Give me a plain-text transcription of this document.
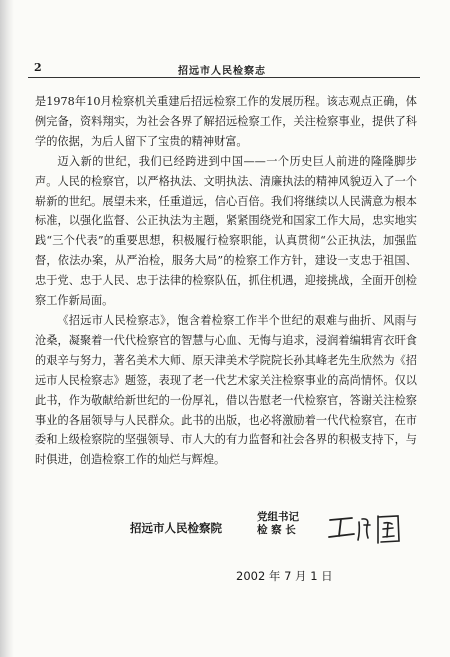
2	招远市人民检察志

是1978年10月检察机关重建后招远检察工作的发展历程。该志观点正确，体例完备，资料翔实，为社会各界了解招远检察工作，关注检察事业，提供了科学的依据，为后人留下了宝贵的精神财富。

迈入新的世纪，我们已经跨进到中国——一个历史巨人前进的隆隆脚步声。人民的检察官，以严格执法、文明执法、清廉执法的精神风貌迈入了一个崭新的世纪。展望未来，任重道远，信心百倍。我们将继续以人民满意为根本标准，以强化监督、公正执法为主题，紧紧围绕党和国家工作大局，忠实地实践“三个代表”的重要思想，积极履行检察职能，认真贯彻“公正执法，加强监督，依法办案，从严治检，服务大局”的检察工作方针，建设一支忠于祖国、忠于党、忠于人民、忠于法律的检察队伍，抓住机遇，迎接挑战，全面开创检察工作新局面。

《招远市人民检察志》，饱含着检察工作半个世纪的艰难与曲折、风雨与沧桑，凝聚着一代代检察官的智慧与心血、无悔与追求，浸润着编辑宵衣旰食的艰辛与努力，著名美术大师、原天津美术学院院长孙其峰老先生欣然为《招远市人民检察志》题签，表现了老一代艺术家关注检察事业的高尚情怀。仅以此书，作为敬献给新世纪的一份厚礼，借以告慰老一代检察官，答谢关注检察事业的各届领导与人民群众。此书的出版，也必将激励着一代代检察官，在市委和上级检察院的坚强领导、市人大的有力监督和社会各界的积极支持下，与时俱进，创造检察工作的灿烂与辉煌。

招远市人民检察院
党组书记
检 察 长
2002 年 7 月 1 日
